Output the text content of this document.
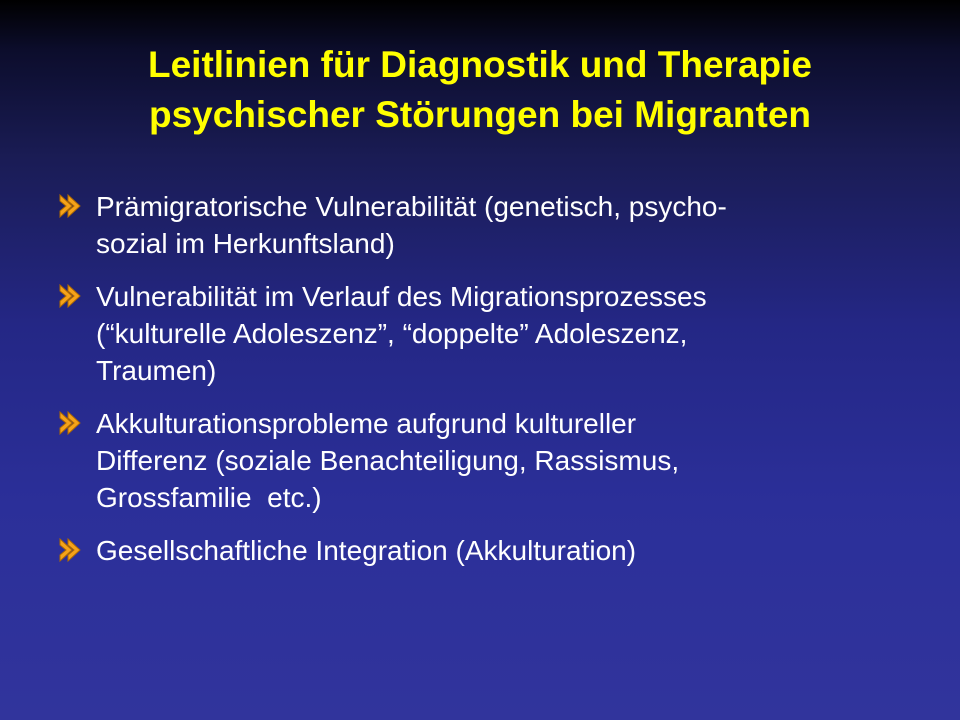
Leitlinien für Diagnostik und Therapie
psychischer Störungen bei Migranten
Prämigratorische Vulnerabilität (genetisch, psycho-
sozial im Herkunftsland)
Vulnerabilität im Verlauf des Migrationsprozesses
(“kulturelle Adoleszenz”, “doppelte” Adoleszenz,
Traumen)
Akkulturationsprobleme aufgrund kultureller
Differenz (soziale Benachteiligung, Rassismus,
Grossfamilie  etc.)
Gesellschaftliche Integration (Akkulturation)
